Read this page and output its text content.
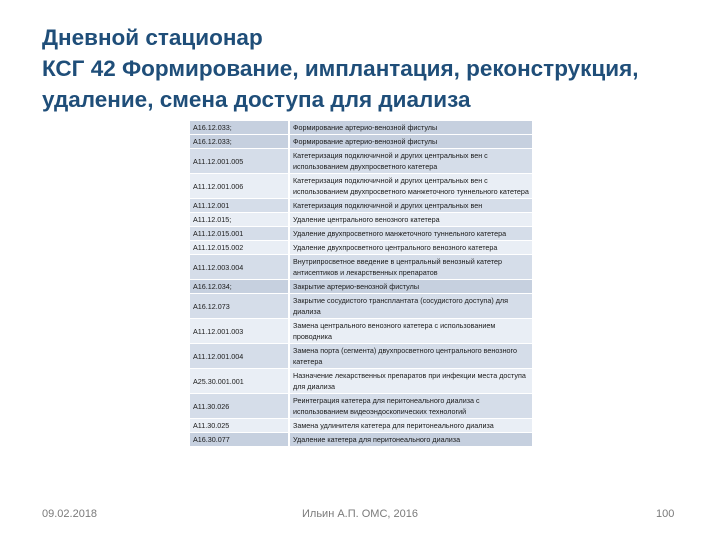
Дневной стационар
КСГ 42 Формирование, имплантация, реконструкция,
удаление, смена доступа для диализа
A16.12.033;	Формирование артерио-венозной фистулы
A16.12.033;	Формирование артерио-венозной фистулы
A11.12.001.005	Катетеризация подключичной и других центральных вен с использованием двухпросветного катетера
A11.12.001.006	Катетеризация подключичной и других центральных вен с использованием двухпросветного манжеточного туннельного катетера
A11.12.001	Катетеризация подключичной и других центральных вен
A11.12.015;	Удаление центрального венозного катетера
A11.12.015.001	Удаление двухпросветного манжеточного туннельного катетера
A11.12.015.002	Удаление двухпросветного центрального венозного катетера
A11.12.003.004	Внутрипросветное введение в центральный венозный катетер антисептиков и лекарственных препаратов
A16.12.034;	Закрытие артерио-венозной фистулы
A16.12.073	Закрытие сосудистого трансплантата (сосудистого доступа) для диализа
A11.12.001.003	Замена центрального венозного катетера с использованием проводника
A11.12.001.004	Замена порта (сегмента) двухпросветного центрального венозного катетера
A25.30.001.001	Назначение лекарственных препаратов при инфекции места доступа для диализа
A11.30.026	Реинтеграция катетера для перитонеального диализа с использованием видеоэндоскопических технологий
A11.30.025	Замена удлинителя катетера для перитонеального диализа
A16.30.077	Удаление катетера для перитонеального диализа
09.02.2018	Ильин А.П. ОМС, 2016	100
